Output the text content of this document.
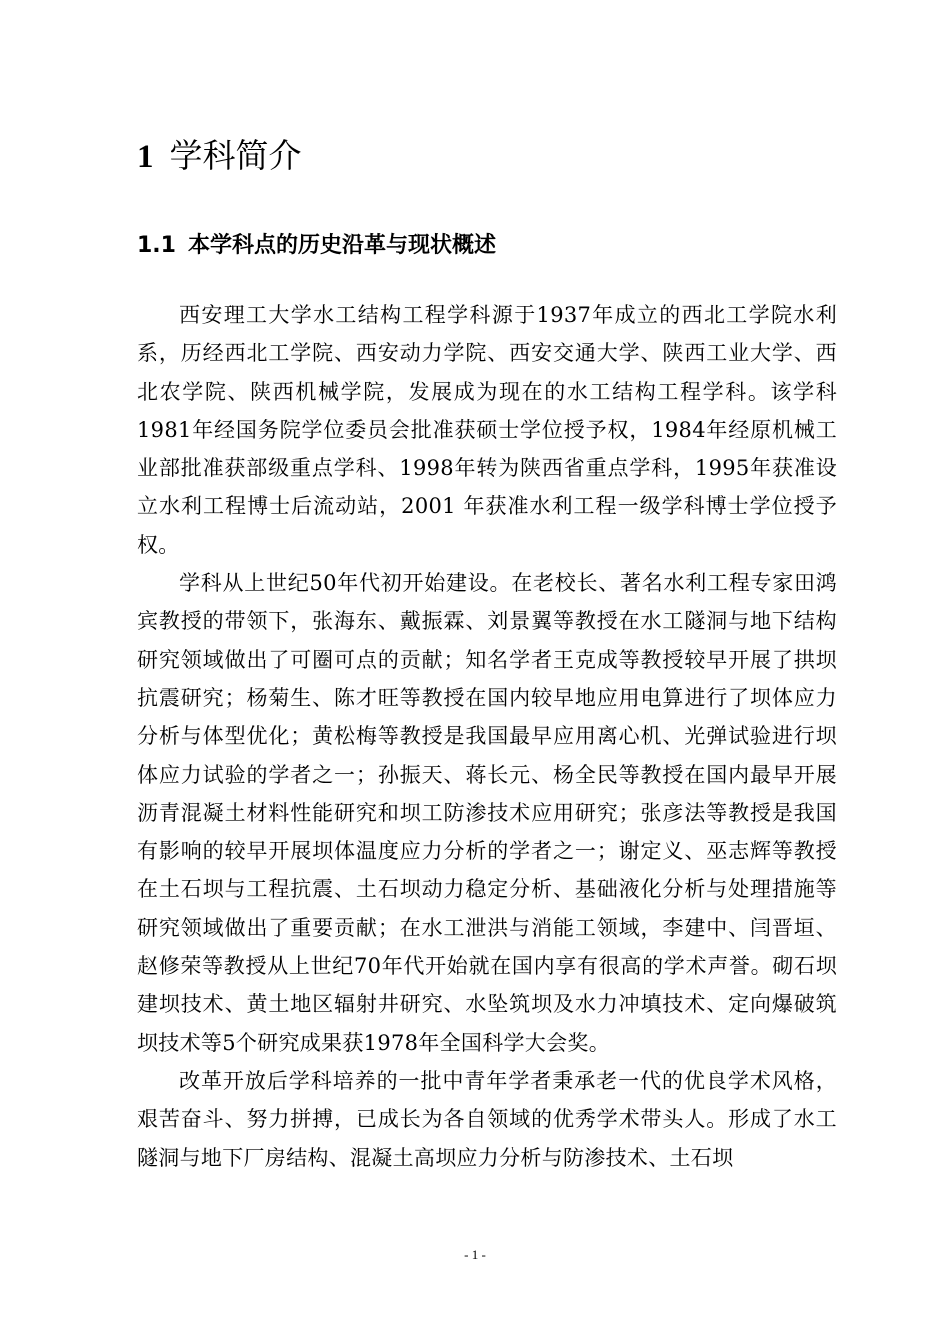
1 学科简介
1.1 本学科点的历史沿革与现状概述

西安理工大学水工结构工程学科源于1937年成立的西北工学院水利系，历经西北工学院、西安动力学院、西安交通大学、陕西工业大学、西北农学院、陕西机械学院，发展成为现在的水工结构工程学科。该学科1981年经国务院学位委员会批准获硕士学位授予权，1984年经原机械工业部批准获部级重点学科、1998年转为陕西省重点学科，1995年获准设立水利工程博士后流动站，2001 年获准水利工程一级学科博士学位授予权。

学科从上世纪50年代初开始建设。在老校长、著名水利工程专家田鸿宾教授的带领下，张海东、戴振霖、刘景翼等教授在水工隧洞与地下结构研究领域做出了可圈可点的贡献；知名学者王克成等教授较早开展了拱坝抗震研究；杨菊生、陈才旺等教授在国内较早地应用电算进行了坝体应力分析与体型优化；黄松梅等教授是我国最早应用离心机、光弹试验进行坝体应力试验的学者之一；孙振天、蒋长元、杨全民等教授在国内最早开展沥青混凝土材料性能研究和坝工防渗技术应用研究；张彦法等教授是我国有影响的较早开展坝体温度应力分析的学者之一；谢定义、巫志辉等教授在土石坝与工程抗震、土石坝动力稳定分析、基础液化分析与处理措施等研究领域做出了重要贡献；在水工泄洪与消能工领域，李建中、闫晋垣、赵修荣等教授从上世纪70年代开始就在国内享有很高的学术声誉。砌石坝建坝技术、黄土地区辐射井研究、水坠筑坝及水力冲填技术、定向爆破筑坝技术等5个研究成果获1978年全国科学大会奖。

改革开放后学科培养的一批中青年学者秉承老一代的优良学术风格，艰苦奋斗、努力拼搏，已成长为各自领域的优秀学术带头人。形成了水工隧洞与地下厂房结构、混凝土高坝应力分析与防渗技术、土石坝

- 1 -
